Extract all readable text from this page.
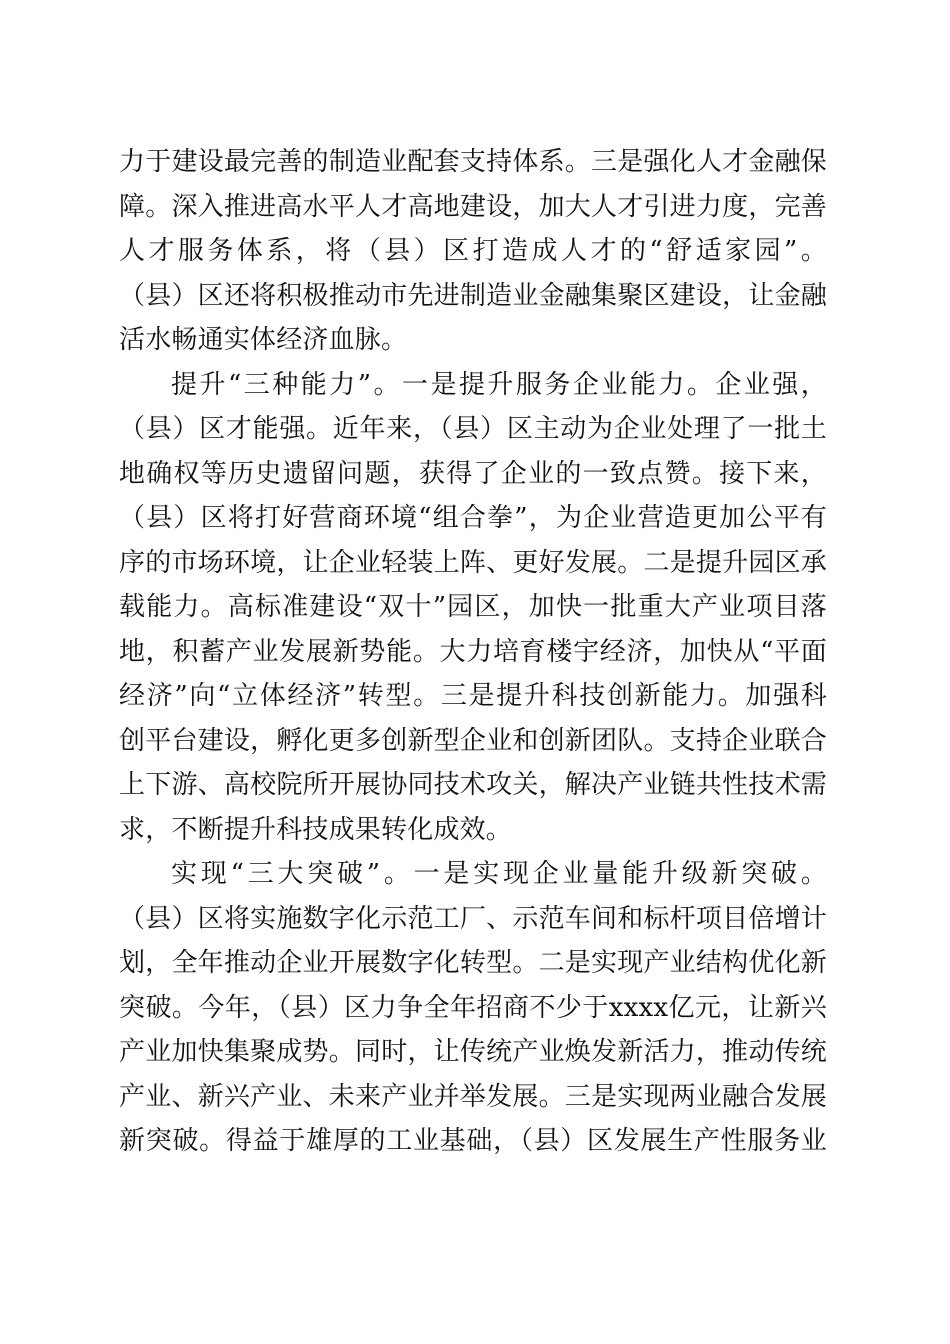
力于建设最完善的制造业配套支持体系。三是强化人才金融保
障。深入推进高水平人才高地建设，加大人才引进力度，完善
人才服务体系，将（县）区打造成人才的“舒适家园”。
（县）区还将积极推动市先进制造业金融集聚区建设，让金融
活水畅通实体经济血脉。
提升“三种能力”。一是提升服务企业能力。企业强，
（县）区才能强。近年来，（县）区主动为企业处理了一批土
地确权等历史遗留问题，获得了企业的一致点赞。接下来，
（县）区将打好营商环境“组合拳”，为企业营造更加公平有
序的市场环境，让企业轻装上阵、更好发展。二是提升园区承
载能力。高标准建设“双十”园区，加快一批重大产业项目落
地，积蓄产业发展新势能。大力培育楼宇经济，加快从“平面
经济”向“立体经济”转型。三是提升科技创新能力。加强科
创平台建设，孵化更多创新型企业和创新团队。支持企业联合
上下游、高校院所开展协同技术攻关，解决产业链共性技术需
求，不断提升科技成果转化成效。
实现“三大突破”。一是实现企业量能升级新突破。
（县）区将实施数字化示范工厂、示范车间和标杆项目倍增计
划，全年推动企业开展数字化转型。二是实现产业结构优化新
突破。今年，（县）区力争全年招商不少于xxxx亿元，让新兴
产业加快集聚成势。同时，让传统产业焕发新活力，推动传统
产业、新兴产业、未来产业并举发展。三是实现两业融合发展
新突破。得益于雄厚的工业基础，（县）区发展生产性服务业
